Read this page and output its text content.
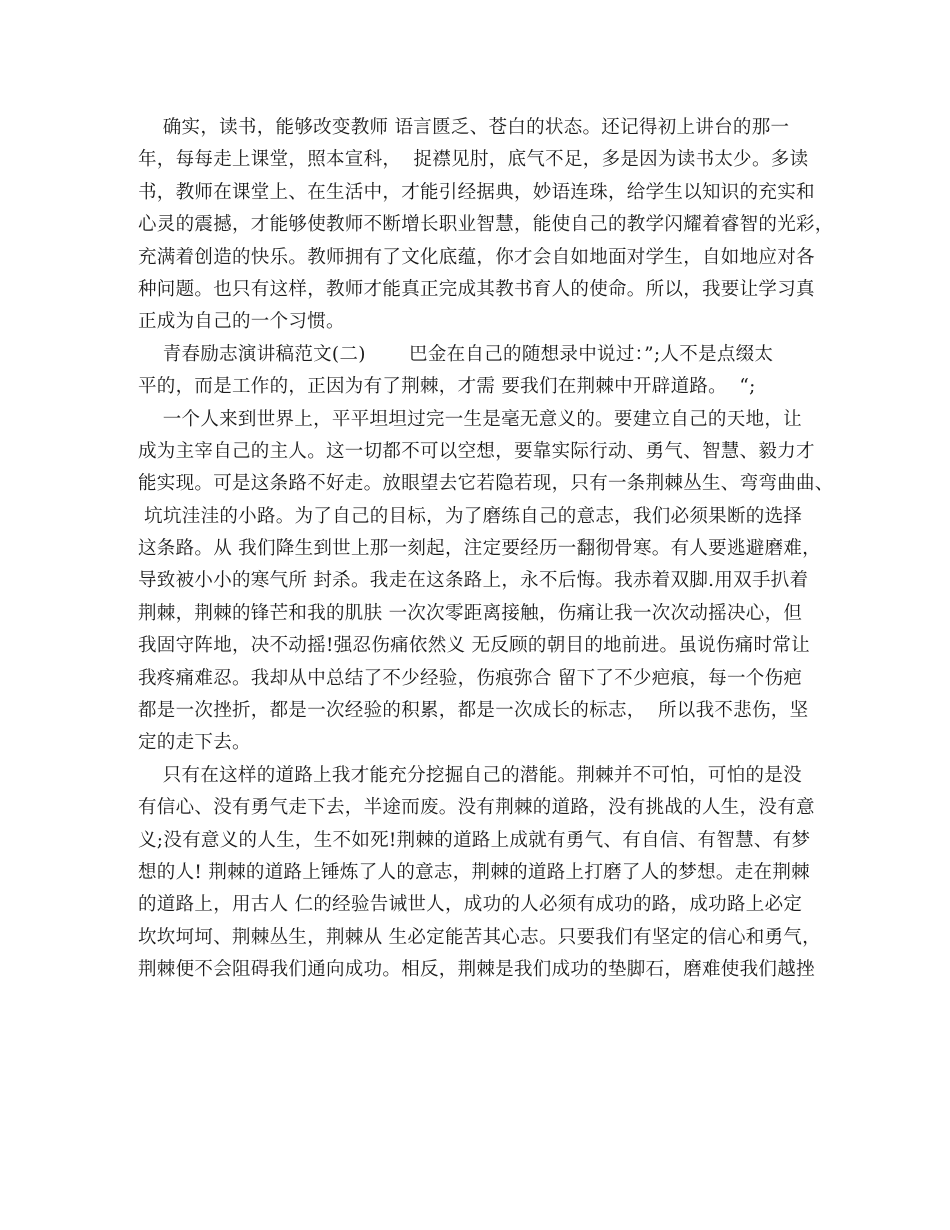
确实，读书，能够改变教师 语言匮乏、苍白的状态。还记得初上讲台的那一
年，每每走上课堂，照本宣科，  捉襟见肘，底气不足，多是因为读书太少。多读
书，教师在课堂上、在生活中，才能引经据典，妙语连珠，给学生以知识的充实和
心灵的震撼，才能够使教师不断增长职业智慧，能使自己的教学闪耀着睿智的光彩，
充满着创造的快乐。教师拥有了文化底蕴，你才会自如地面对学生，自如地应对各
种问题。也只有这样，教师才能真正完成其教书育人的使命。所以，我要让学习真
正成为自己的一个习惯。
青春励志演讲稿范文(二)       巴金在自己的随想录中说过：”;人不是点缀太
平的，而是工作的，正因为有了荆棘，才需 要我们在荆棘中开辟道路。  “;
一个人来到世界上，平平坦坦过完一生是毫无意义的。要建立自己的天地，让
成为主宰自己的主人。这一切都不可以空想，要靠实际行动、勇气、智慧、毅力才
能实现。可是这条路不好走。放眼望去它若隐若现，只有一条荆棘丛生、弯弯曲曲、
坑坑洼洼的小路。为了自己的目标，为了磨练自己的意志，我们必须果断的选择
这条路。从 我们降生到世上那一刻起，注定要经历一翻彻骨寒。有人要逃避磨难，
导致被小小的寒气所 封杀。我走在这条路上，永不后悔。我赤着双脚.用双手扒着
荆棘，荆棘的锋芒和我的肌肤 一次次零距离接触，伤痛让我一次次动摇决心，但
我固守阵地，决不动摇!强忍伤痛依然义 无反顾的朝目的地前进。虽说伤痛时常让
我疼痛难忍。我却从中总结了不少经验，伤痕弥合 留下了不少疤痕，每一个伤疤
都是一次挫折，都是一次经验的积累，都是一次成长的标志，  所以我不悲伤，坚
定的走下去。
只有在这样的道路上我才能充分挖掘自己的潜能。荆棘并不可怕，可怕的是没
有信心、没有勇气走下去，半途而废。没有荆棘的道路，没有挑战的人生，没有意
义;没有意义的人生，生不如死!荆棘的道路上成就有勇气、有自信、有智慧、有梦
想的人! 荆棘的道路上锤炼了人的意志，荆棘的道路上打磨了人的梦想。走在荆棘
的道路上，用古人 仁的经验告诫世人，成功的人必须有成功的路，成功路上必定
坎坎坷坷、荆棘丛生，荆棘从 生必定能苦其心志。只要我们有坚定的信心和勇气，
荆棘便不会阻碍我们通向成功。相反，荆棘是我们成功的垫脚石，磨难使我们越挫
